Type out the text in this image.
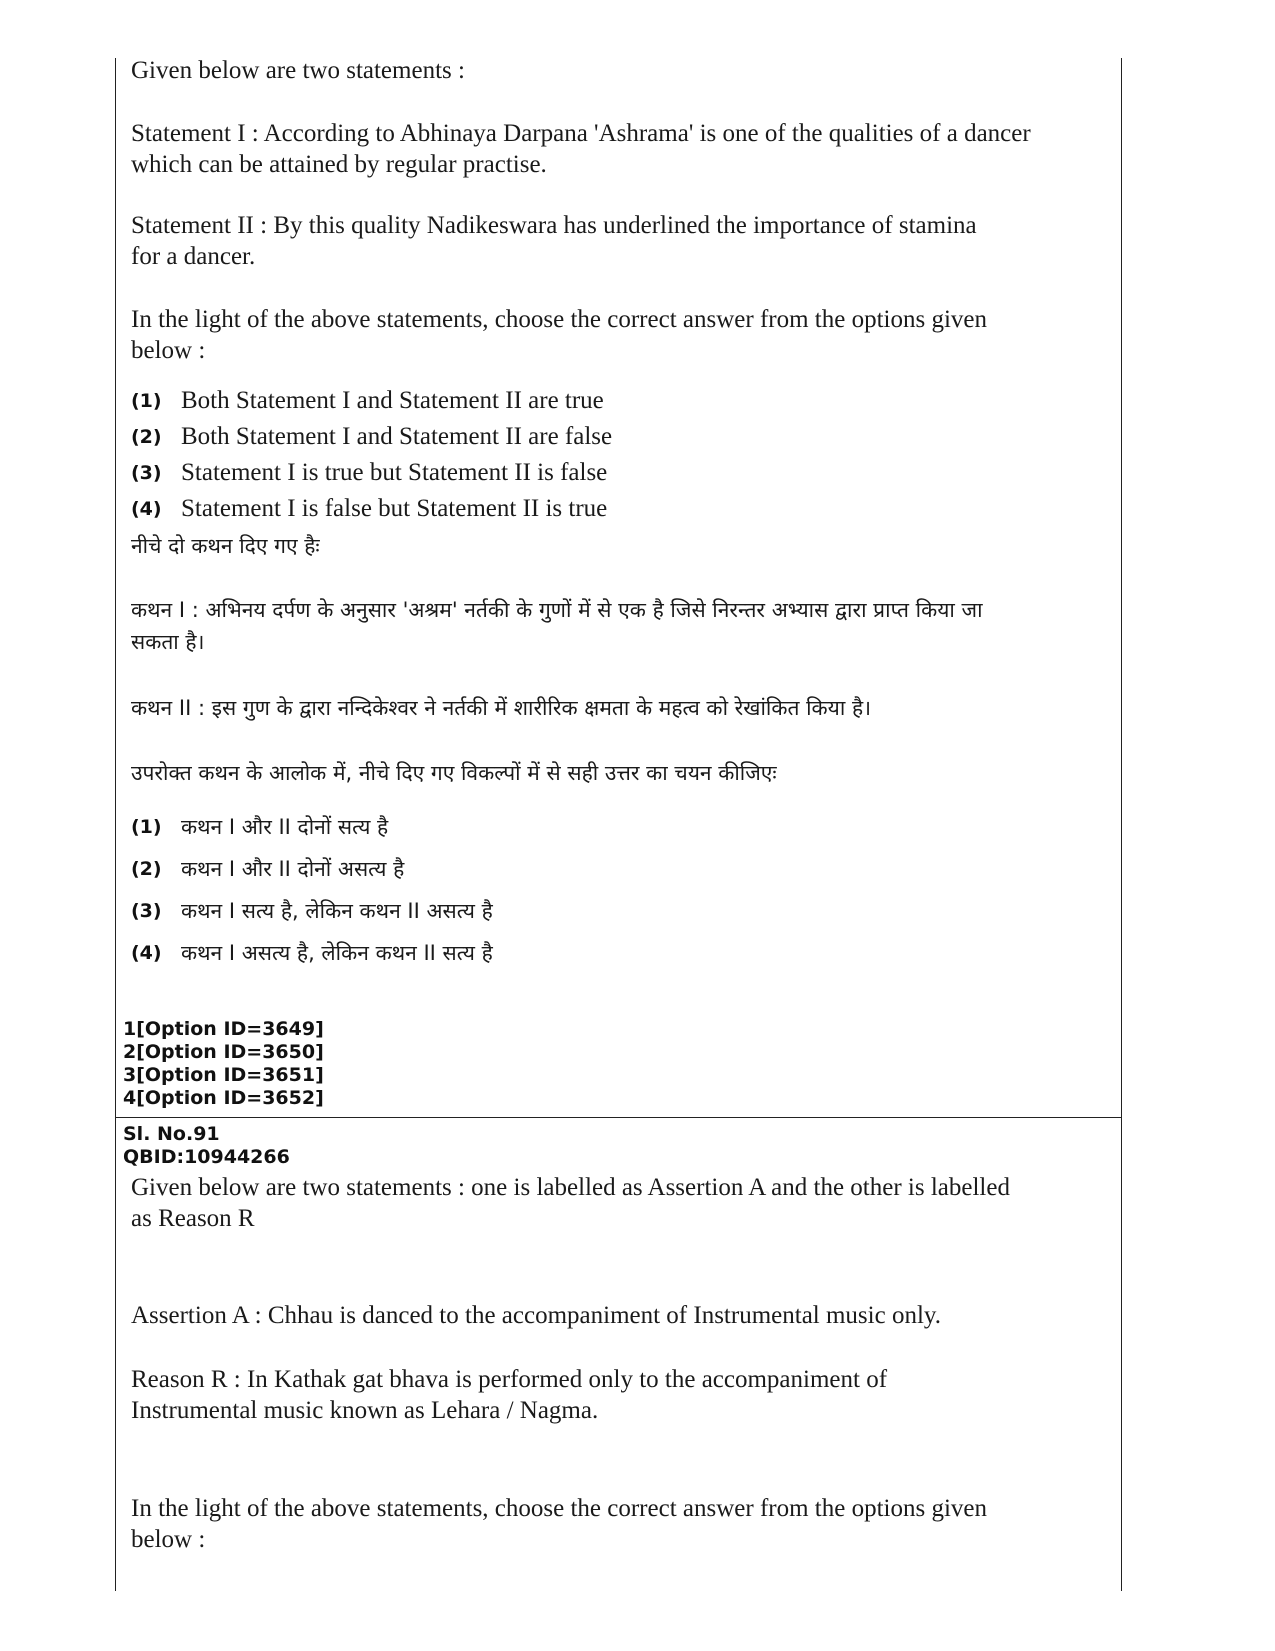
Given below are two statements :

Statement I : According to Abhinaya Darpana 'Ashrama' is one of the qualities of a dancer which can be attained by regular practise.

Statement II : By this quality Nadikeswara has underlined the importance of stamina for a dancer.

In the light of the above statements, choose the correct answer from the options given below :

(1) Both Statement I and Statement II are true
(2) Both Statement I and Statement II are false
(3) Statement I is true but Statement II is false
(4) Statement I is false but Statement II is true

नीचे दो कथन दिए गए हैः

कथन I : अभिनय दर्पण के अनुसार 'अश्रम' नर्तकी के गुणों में से एक है जिसे निरन्तर अभ्यास द्वारा प्राप्त किया जा सकता है।

कथन II : इस गुण के द्वारा नन्दिकेश्वर ने नर्तकी में शारीरिक क्षमता के महत्व को रेखांकित किया है।

उपरोक्त कथन के आलोक में, नीचे दिए गए विकल्पों में से सही उत्तर का चयन कीजिएः

(1) कथन I और II दोनों सत्य है
(2) कथन I और II दोनों असत्य है
(3) कथन I सत्य है, लेकिन कथन II असत्य है
(4) कथन I असत्य है, लेकिन कथन II सत्य है
1[Option ID=3649]
2[Option ID=3650]
3[Option ID=3651]
4[Option ID=3652]
Sl. No.91
QBID:10944266

Given below are two statements : one is labelled as Assertion A and the other is labelled as Reason R

Assertion A : Chhau is danced to the accompaniment of Instrumental music only.

Reason R : In Kathak gat bhava is performed only to the accompaniment of Instrumental music known as Lehara / Nagma.

In the light of the above statements, choose the correct answer from the options given below :
